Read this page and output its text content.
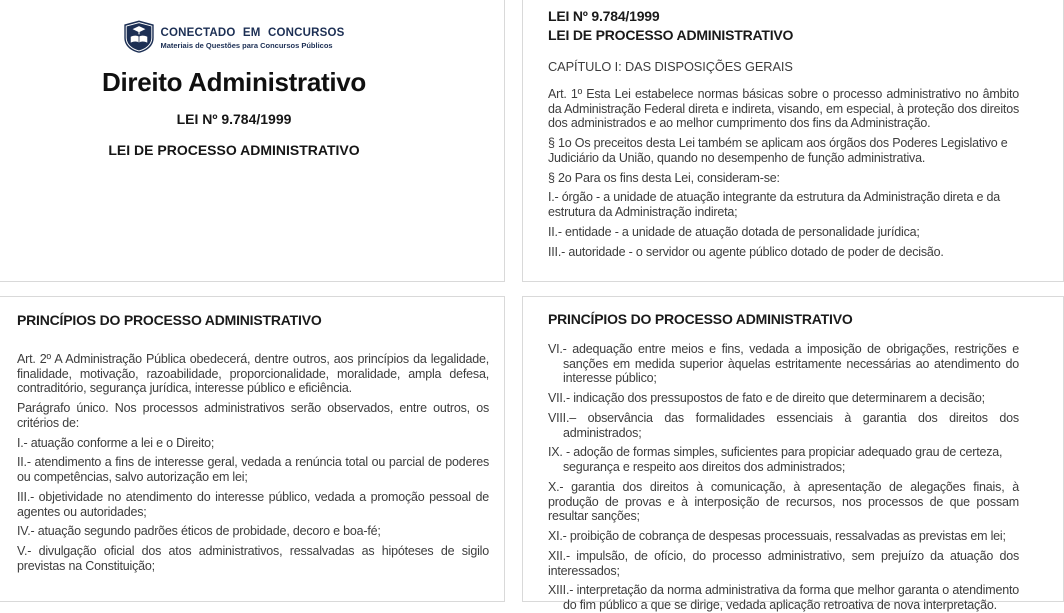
CONECTADO EM CONCURSOS
Materiais de Questões para Concursos Públicos
Direito Administrativo
LEI Nº 9.784/1999
LEI DE PROCESSO ADMINISTRATIVO
LEI Nº 9.784/1999
LEI DE PROCESSO ADMINISTRATIVO
CAPÍTULO I: DAS DISPOSIÇÕES GERAIS

Art. 1º Esta Lei estabelece normas básicas sobre o processo administrativo no âmbito da Administração Federal direta e indireta, visando, em especial, à proteção dos direitos dos administrados e ao melhor cumprimento dos fins da Administração.

§ 1o Os preceitos desta Lei também se aplicam aos órgãos dos Poderes Legislativo e Judiciário da União, quando no desempenho de função administrativa.

§ 2o Para os fins desta Lei, consideram-se:

I.- órgão - a unidade de atuação integrante da estrutura da Administração direta e da estrutura da Administração indireta;

II.- entidade - a unidade de atuação dotada de personalidade jurídica;

III.- autoridade - o servidor ou agente público dotado de poder de decisão.

PRINCÍPIOS DO PROCESSO ADMINISTRATIVO

Art. 2º A Administração Pública obedecerá, dentre outros, aos princípios da legalidade, finalidade, motivação, razoabilidade, proporcionalidade, moralidade, ampla defesa, contraditório, segurança jurídica, interesse público e eficiência.

Parágrafo único. Nos processos administrativos serão observados, entre outros, os critérios de:

I.- atuação conforme a lei e o Direito;

II.- atendimento a fins de interesse geral, vedada a renúncia total ou parcial de poderes ou competências, salvo autorização em lei;

III.- objetividade no atendimento do interesse público, vedada a promoção pessoal de agentes ou autoridades;

IV.- atuação segundo padrões éticos de probidade, decoro e boa-fé;

V.- divulgação oficial dos atos administrativos, ressalvadas as hipóteses de sigilo previstas na Constituição;

PRINCÍPIOS DO PROCESSO ADMINISTRATIVO

VI.- adequação entre meios e fins, vedada a imposição de obrigações, restrições e sanções em medida superior àquelas estritamente necessárias ao atendimento do interesse público;

VII.- indicação dos pressupostos de fato e de direito que determinarem a decisão;

VIII.– observância das formalidades essenciais à garantia dos direitos dos administrados;

IX. - adoção de formas simples, suficientes para propiciar adequado grau de certeza, segurança e respeito aos direitos dos administrados;

X.- garantia dos direitos à comunicação, à apresentação de alegações finais, à produção de provas e à interposição de recursos, nos processos de que possam resultar sanções;

XI.- proibição de cobrança de despesas processuais, ressalvadas as previstas em lei;

XII.- impulsão, de ofício, do processo administrativo, sem prejuízo da atuação dos interessados;

XIII.- interpretação da norma administrativa da forma que melhor garanta o atendimento do fim público a que se dirige, vedada aplicação retroativa de nova interpretação.
